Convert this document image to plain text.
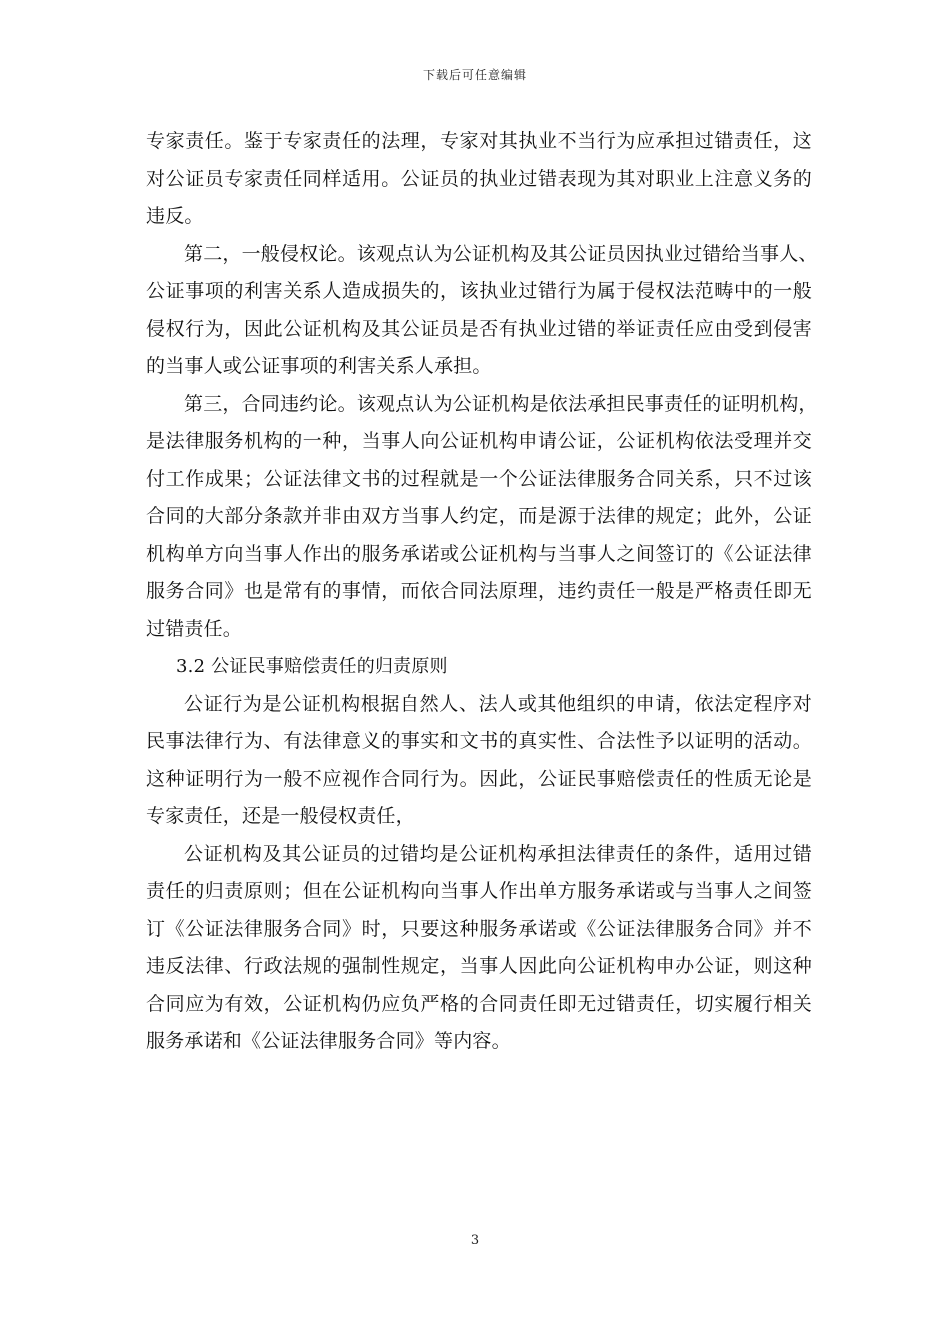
下载后可任意编辑
专家责任。鉴于专家责任的法理，专家对其执业不当行为应承担过错责任，这
对公证员专家责任同样适用。公证员的执业过错表现为其对职业上注意义务的
违反。
第二，一般侵权论。该观点认为公证机构及其公证员因执业过错给当事人、
公证事项的利害关系人造成损失的，该执业过错行为属于侵权法范畴中的一般
侵权行为，因此公证机构及其公证员是否有执业过错的举证责任应由受到侵害
的当事人或公证事项的利害关系人承担。
第三，合同违约论。该观点认为公证机构是依法承担民事责任的证明机构，
是法律服务机构的一种，当事人向公证机构申请公证，公证机构依法受理并交
付工作成果；公证法律文书的过程就是一个公证法律服务合同关系，只不过该
合同的大部分条款并非由双方当事人约定，而是源于法律的规定；此外，公证
机构单方向当事人作出的服务承诺或公证机构与当事人之间签订的《公证法律
服务合同》也是常有的事情，而依合同法原理，违约责任一般是严格责任即无
过错责任。
3.2 公证民事赔偿责任的归责原则
公证行为是公证机构根据自然人、法人或其他组织的申请，依法定程序对
民事法律行为、有法律意义的事实和文书的真实性、合法性予以证明的活动。
这种证明行为一般不应视作合同行为。因此，公证民事赔偿责任的性质无论是
专家责任，还是一般侵权责任，
公证机构及其公证员的过错均是公证机构承担法律责任的条件，适用过错
责任的归责原则；但在公证机构向当事人作出单方服务承诺或与当事人之间签
订《公证法律服务合同》时，只要这种服务承诺或《公证法律服务合同》并不
违反法律、行政法规的强制性规定，当事人因此向公证机构申办公证，则这种
合同应为有效，公证机构仍应负严格的合同责任即无过错责任，切实履行相关
服务承诺和《公证法律服务合同》等内容。
3
